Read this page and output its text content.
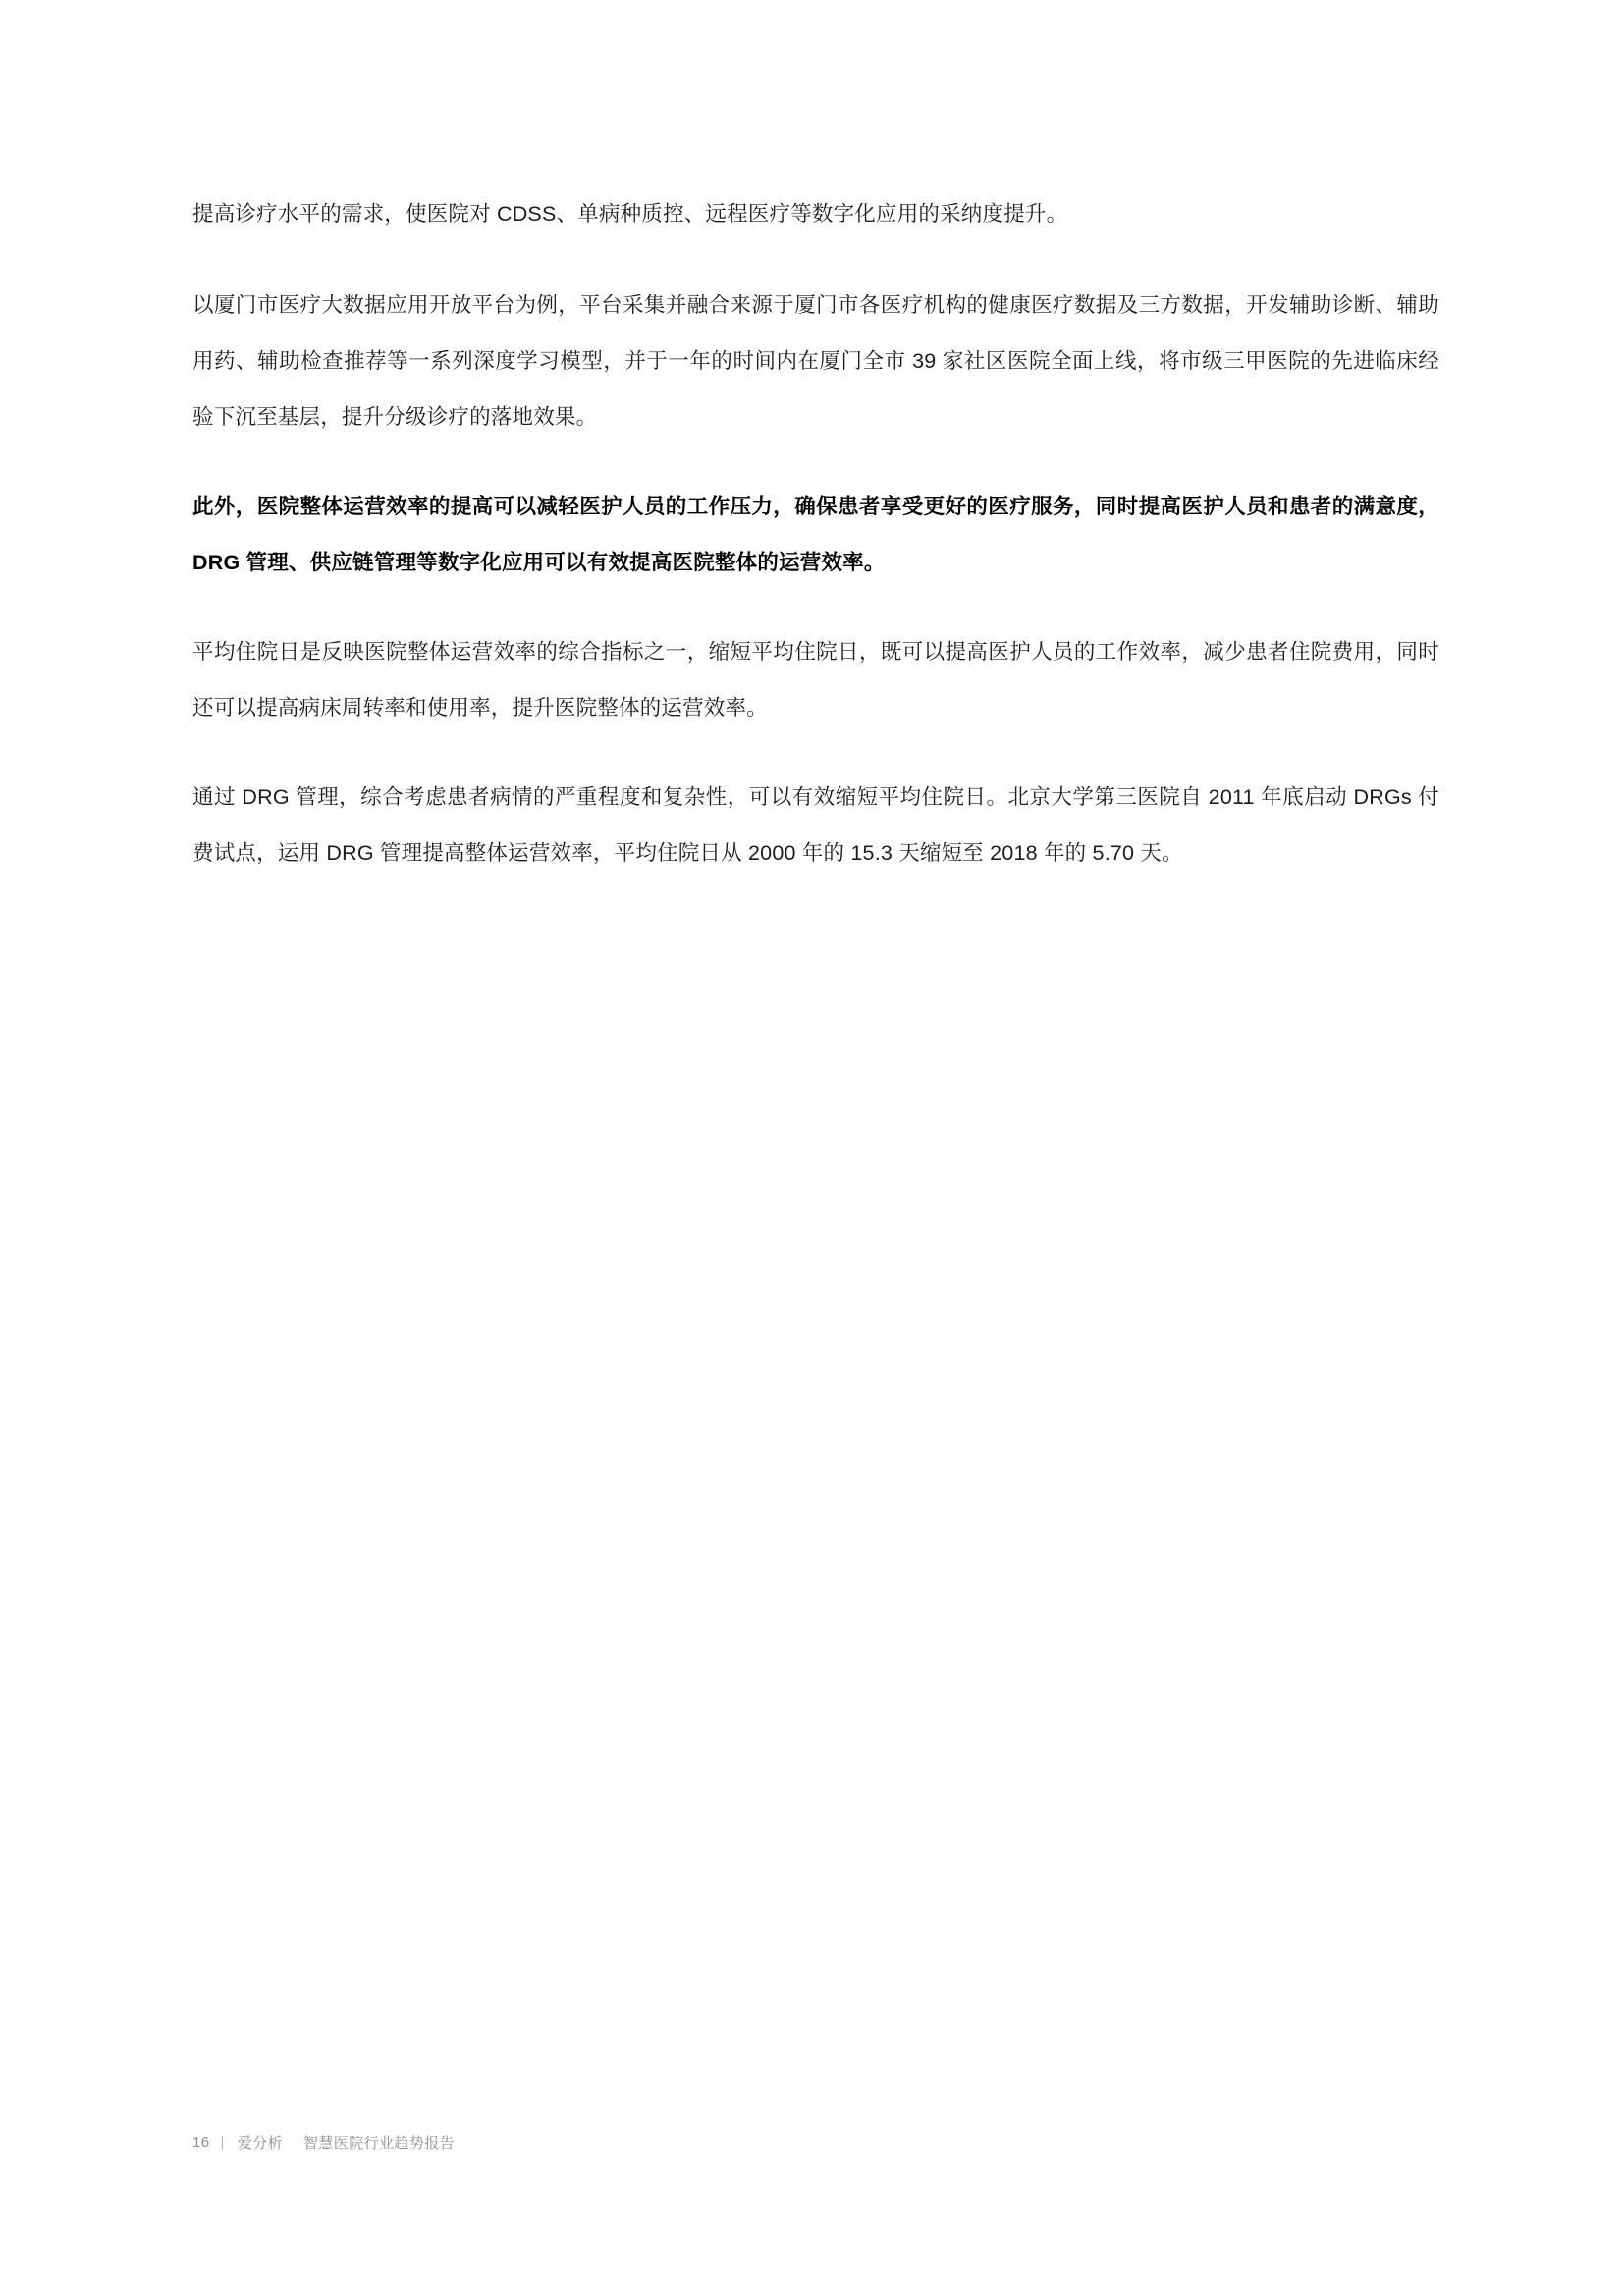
提高诊疗水平的需求，使医院对 CDSS、单病种质控、远程医疗等数字化应用的采纳度提升。

以厦门市医疗大数据应用开放平台为例，平台采集并融合来源于厦门市各医疗机构的健康医疗数据及三方数据，开发辅助诊断、辅助用药、辅助检查推荐等一系列深度学习模型，并于一年的时间内在厦门全市 39 家社区医院全面上线，将市级三甲医院的先进临床经验下沉至基层，提升分级诊疗的落地效果。

此外，医院整体运营效率的提高可以减轻医护人员的工作压力，确保患者享受更好的医疗服务，同时提高医护人员和患者的满意度，DRG 管理、供应链管理等数字化应用可以有效提高医院整体的运营效率。

平均住院日是反映医院整体运营效率的综合指标之一，缩短平均住院日，既可以提高医护人员的工作效率，减少患者住院费用，同时还可以提高病床周转率和使用率，提升医院整体的运营效率。

通过 DRG 管理，综合考虑患者病情的严重程度和复杂性，可以有效缩短平均住院日。北京大学第三医院自 2011 年底启动 DRGs 付费试点，运用 DRG 管理提高整体运营效率，平均住院日从 2000 年的 15.3 天缩短至 2018 年的 5.70 天。

16 | 爱分析 智慧医院行业趋势报告
